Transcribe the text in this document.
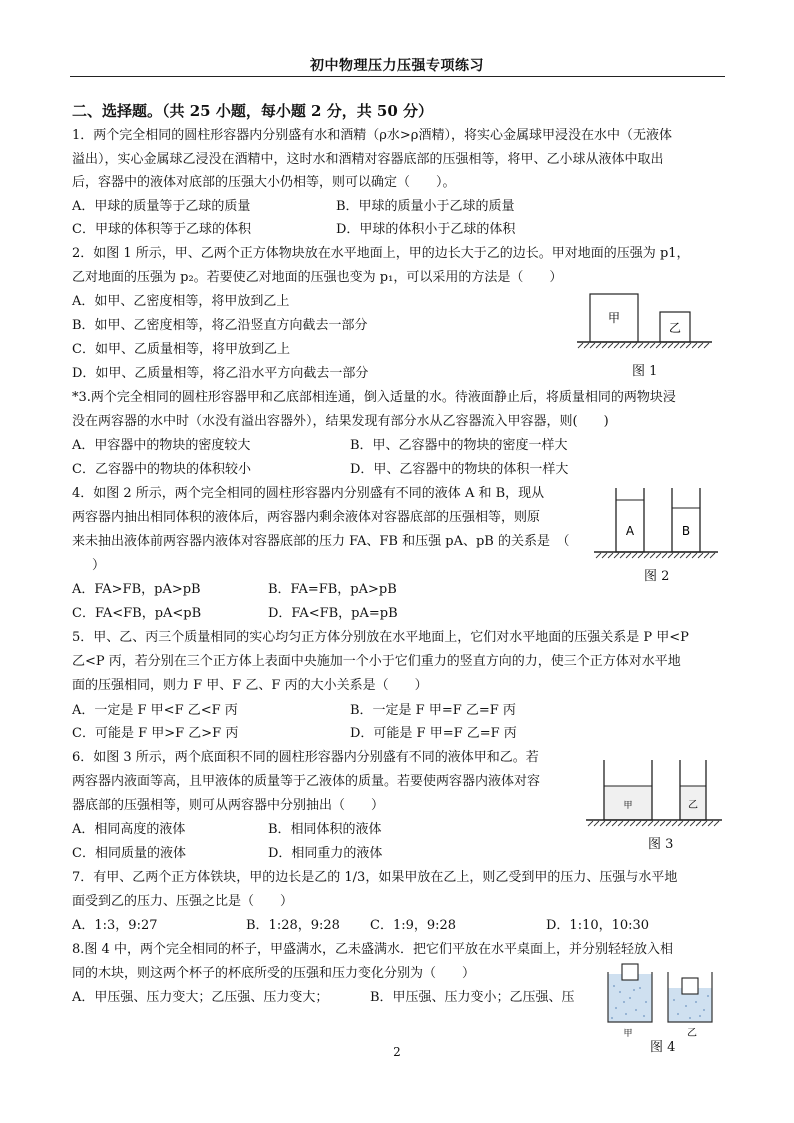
初中物理压力压强专项练习
二、选择题。（共 25 小题，每小题 2 分，共 50 分）
1．两个完全相同的圆柱形容器内分别盛有水和酒精（ρ水>ρ酒精），将实心金属球甲浸没在水中（无液体
溢出），实心金属球乙浸没在酒精中，这时水和酒精对容器底部的压强相等，将甲、乙小球从液体中取出
后，容器中的液体对底部的压强大小仍相等，则可以确定（　　）。
A．甲球的质量等于乙球的质量	B．甲球的质量小于乙球的质量
C．甲球的体积等于乙球的体积	D．甲球的体积小于乙球的体积
2．如图 1 所示，甲、乙两个正方体物块放在水平地面上，甲的边长大于乙的边长。甲对地面的压强为 p1，
乙对地面的压强为 p₂。若要使乙对地面的压强也变为 p₁，可以采用的方法是（　　）
A．如甲、乙密度相等，将甲放到乙上
B．如甲、乙密度相等，将乙沿竖直方向截去一部分
C．如甲、乙质量相等，将甲放到乙上
D．如甲、乙质量相等，将乙沿水平方向截去一部分
甲
乙
图 1
*3.两个完全相同的圆柱形容器甲和乙底部相连通，倒入适量的水。待液面静止后，将质量相同的两物块浸
没在两容器的水中时（水没有溢出容器外），结果发现有部分水从乙容器流入甲容器，则(　　)
A．甲容器中的物块的密度较大	B．甲、乙容器中的物块的密度一样大
C．乙容器中的物块的体积较小	D．甲、乙容器中的物块的体积一样大
4．如图 2 所示，两个完全相同的圆柱形容器内分别盛有不同的液体 A 和 B，现从
两容器内抽出相同体积的液体后，两容器内剩余液体对容器底部的压强相等，则原
来未抽出液体前两容器内液体对容器底部的压力 FA、FB 和压强 pA、pB 的关系是　（
）
A．FA>FB，pA>pB	B．FA=FB，pA>pB
C．FA<FB，pA<pB	D．FA<FB，pA=pB
A	B
图 2
5．甲、乙、丙三个质量相同的实心均匀正方体分别放在水平地面上，它们对水平地面的压强关系是 P 甲<P
乙<P 丙，若分别在三个正方体上表面中央施加一个小于它们重力的竖直方向的力，使三个正方体对水平地
面的压强相同，则力 F 甲、F 乙、F 丙的大小关系是（　　）
A．一定是 F 甲<F 乙<F 丙	B．一定是 F 甲=F 乙=F 丙
C．可能是 F 甲>F 乙>F 丙	D．可能是 F 甲=F 乙=F 丙
6．如图 3 所示，两个底面积不同的圆柱形容器内分别盛有不同的液体甲和乙。若
两容器内液面等高，且甲液体的质量等于乙液体的质量。若要使两容器内液体对容
器底部的压强相等，则可从两容器中分别抽出（　　）
A．相同高度的液体	B．相同体积的液体
C．相同质量的液体	D．相同重力的液体
甲	乙
图 3
7．有甲、乙两个正方体铁块，甲的边长是乙的 1/3，如果甲放在乙上，则乙受到甲的压力、压强与水平地
面受到乙的压力、压强之比是（　　）
A．1:3，9:27	B．1:28，9:28 C．1:9，9:28	D．1:10，10:30
8.图 4 中，两个完全相同的杯子，甲盛满水，乙未盛满水．把它们平放在水平桌面上，并分别轻轻放入相
同的木块，则这两个杯子的杯底所受的压强和压力变化分别为（　　）
A．甲压强、压力变大；乙压强、压力变大；	B．甲压强、压力变小；乙压强、压
甲	乙
图 4
2
